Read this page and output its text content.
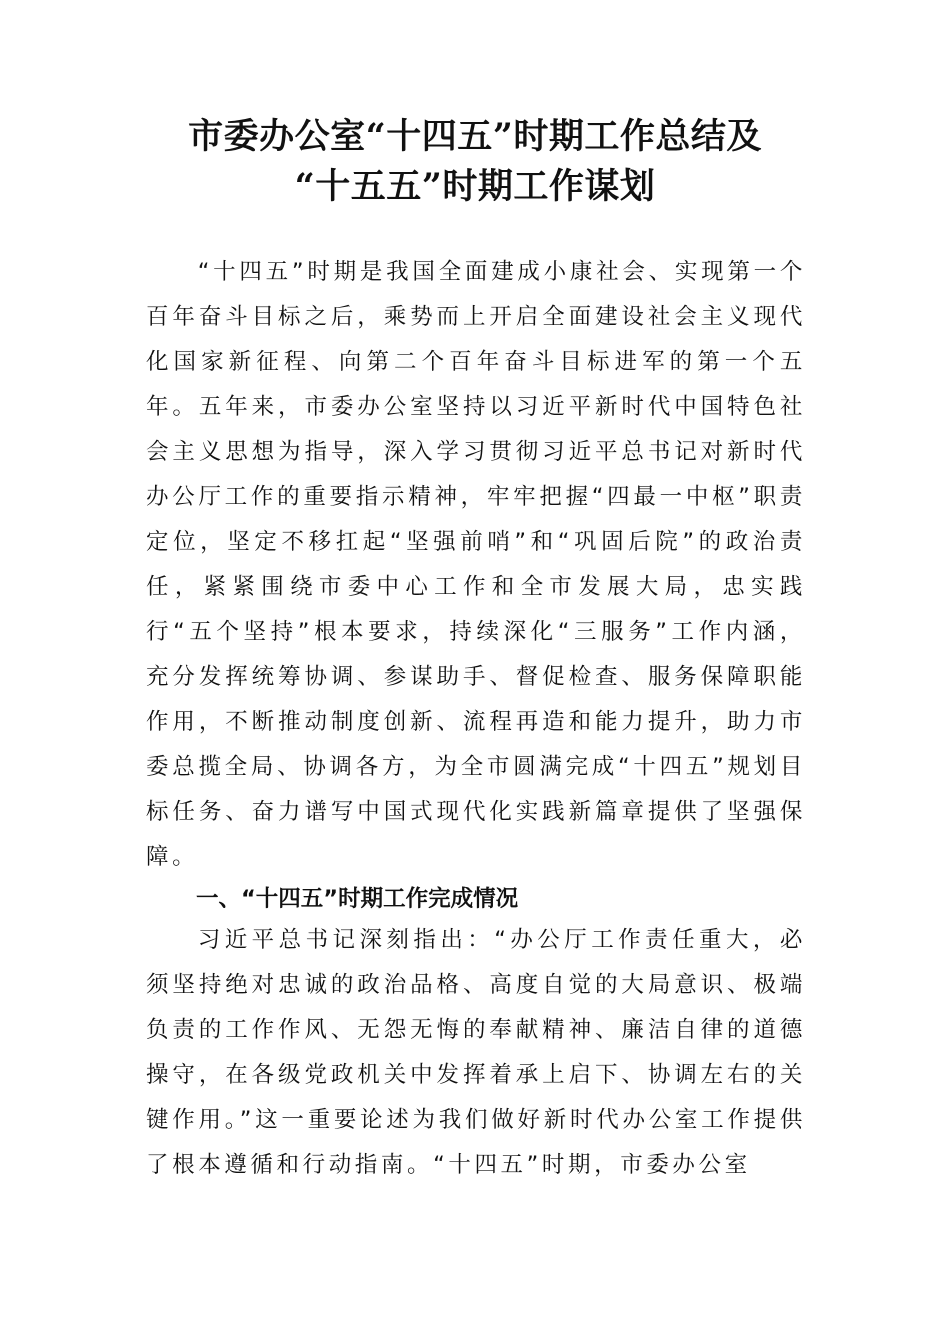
市委办公室“十四五”时期工作总结及
“十五五”时期工作谋划

“十四五”时期是我国全面建成小康社会、实现第一个百年奋斗目标之后，乘势而上开启全面建设社会主义现代化国家新征程、向第二个百年奋斗目标进军的第一个五年。五年来，市委办公室坚持以习近平新时代中国特色社会主义思想为指导，深入学习贯彻习近平总书记对新时代办公厅工作的重要指示精神，牢牢把握“四最一中枢”职责定位，坚定不移扛起“坚强前哨”和“巩固后院”的政治责任，紧紧围绕市委中心工作和全市发展大局，忠实践行“五个坚持”根本要求，持续深化“三服务”工作内涵，充分发挥统筹协调、参谋助手、督促检查、服务保障职能作用，不断推动制度创新、流程再造和能力提升，助力市委总揽全局、协调各方，为全市圆满完成“十四五”规划目标任务、奋力谱写中国式现代化实践新篇章提供了坚强保障。

一、“十四五”时期工作完成情况

习近平总书记深刻指出：“办公厅工作责任重大，必须坚持绝对忠诚的政治品格、高度自觉的大局意识、极端负责的工作作风、无怨无悔的奉献精神、廉洁自律的道德操守，在各级党政机关中发挥着承上启下、协调左右的关键作用。”这一重要论述为我们做好新时代办公室工作提供了根本遵循和行动指南。“十四五”时期，市委办公室
